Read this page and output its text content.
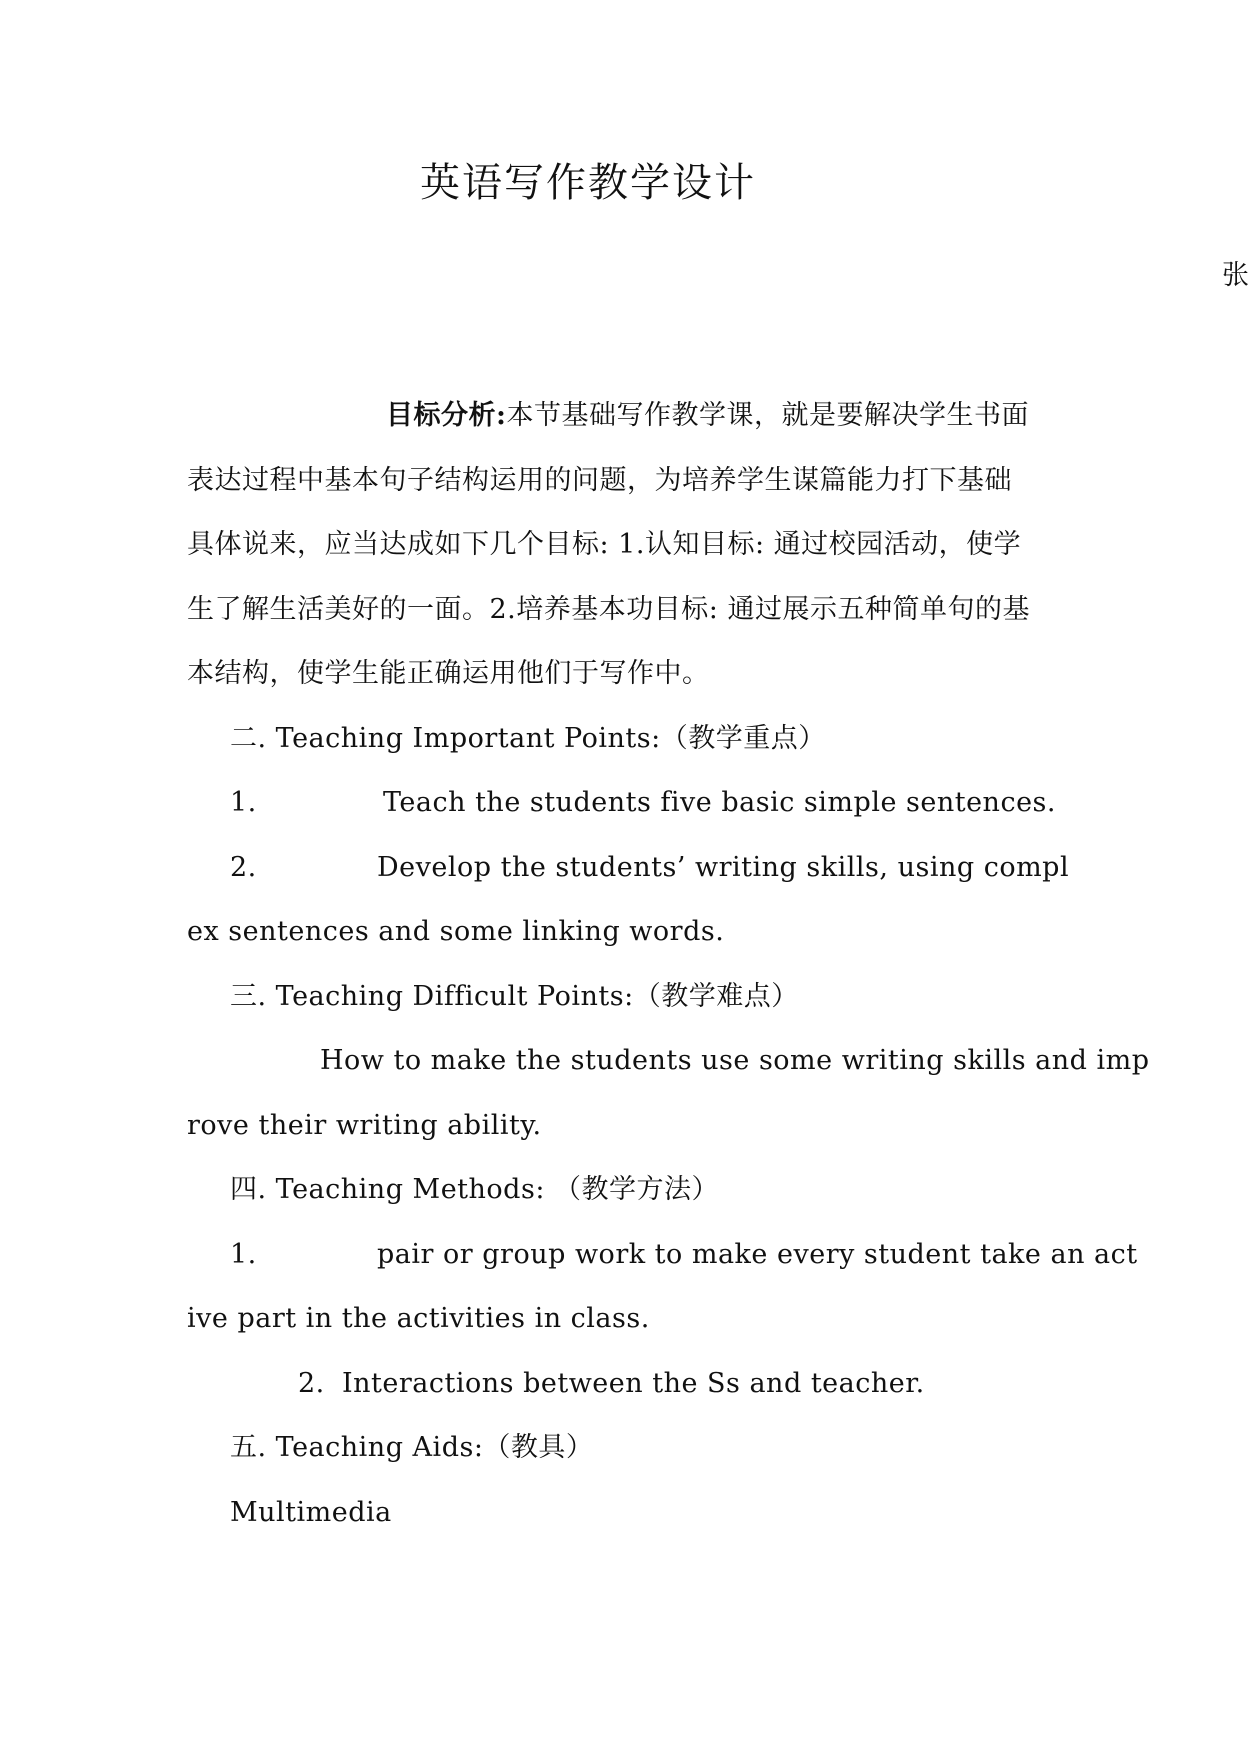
英语写作教学设计
张
目标分析:本节基础写作教学课，就是要解决学生书面
表达过程中基本句子结构运用的问题，为培养学生谋篇能力打下基础
具体说来，应当达成如下几个目标: 1.认知目标: 通过校园活动，使学
生了解生活美好的一面。2.培养基本功目标: 通过展示五种简单句的基
本结构，使学生能正确运用他们于写作中。
二. Teaching Important Points:（教学重点）
1.	Teach the students five basic simple sentences.
2.	Develop the students’ writing skills, using compl
ex sentences and some linking words.
三. Teaching Difficult Points:（教学难点）
How to make the students use some writing skills and imp
rove their writing ability.
四. Teaching Methods: （教学方法）
1.	pair or group work to make every student take an act
ive part in the activities in class.
2. Interactions between the Ss and teacher.
五. Teaching Aids:（教具）
Multimedia
